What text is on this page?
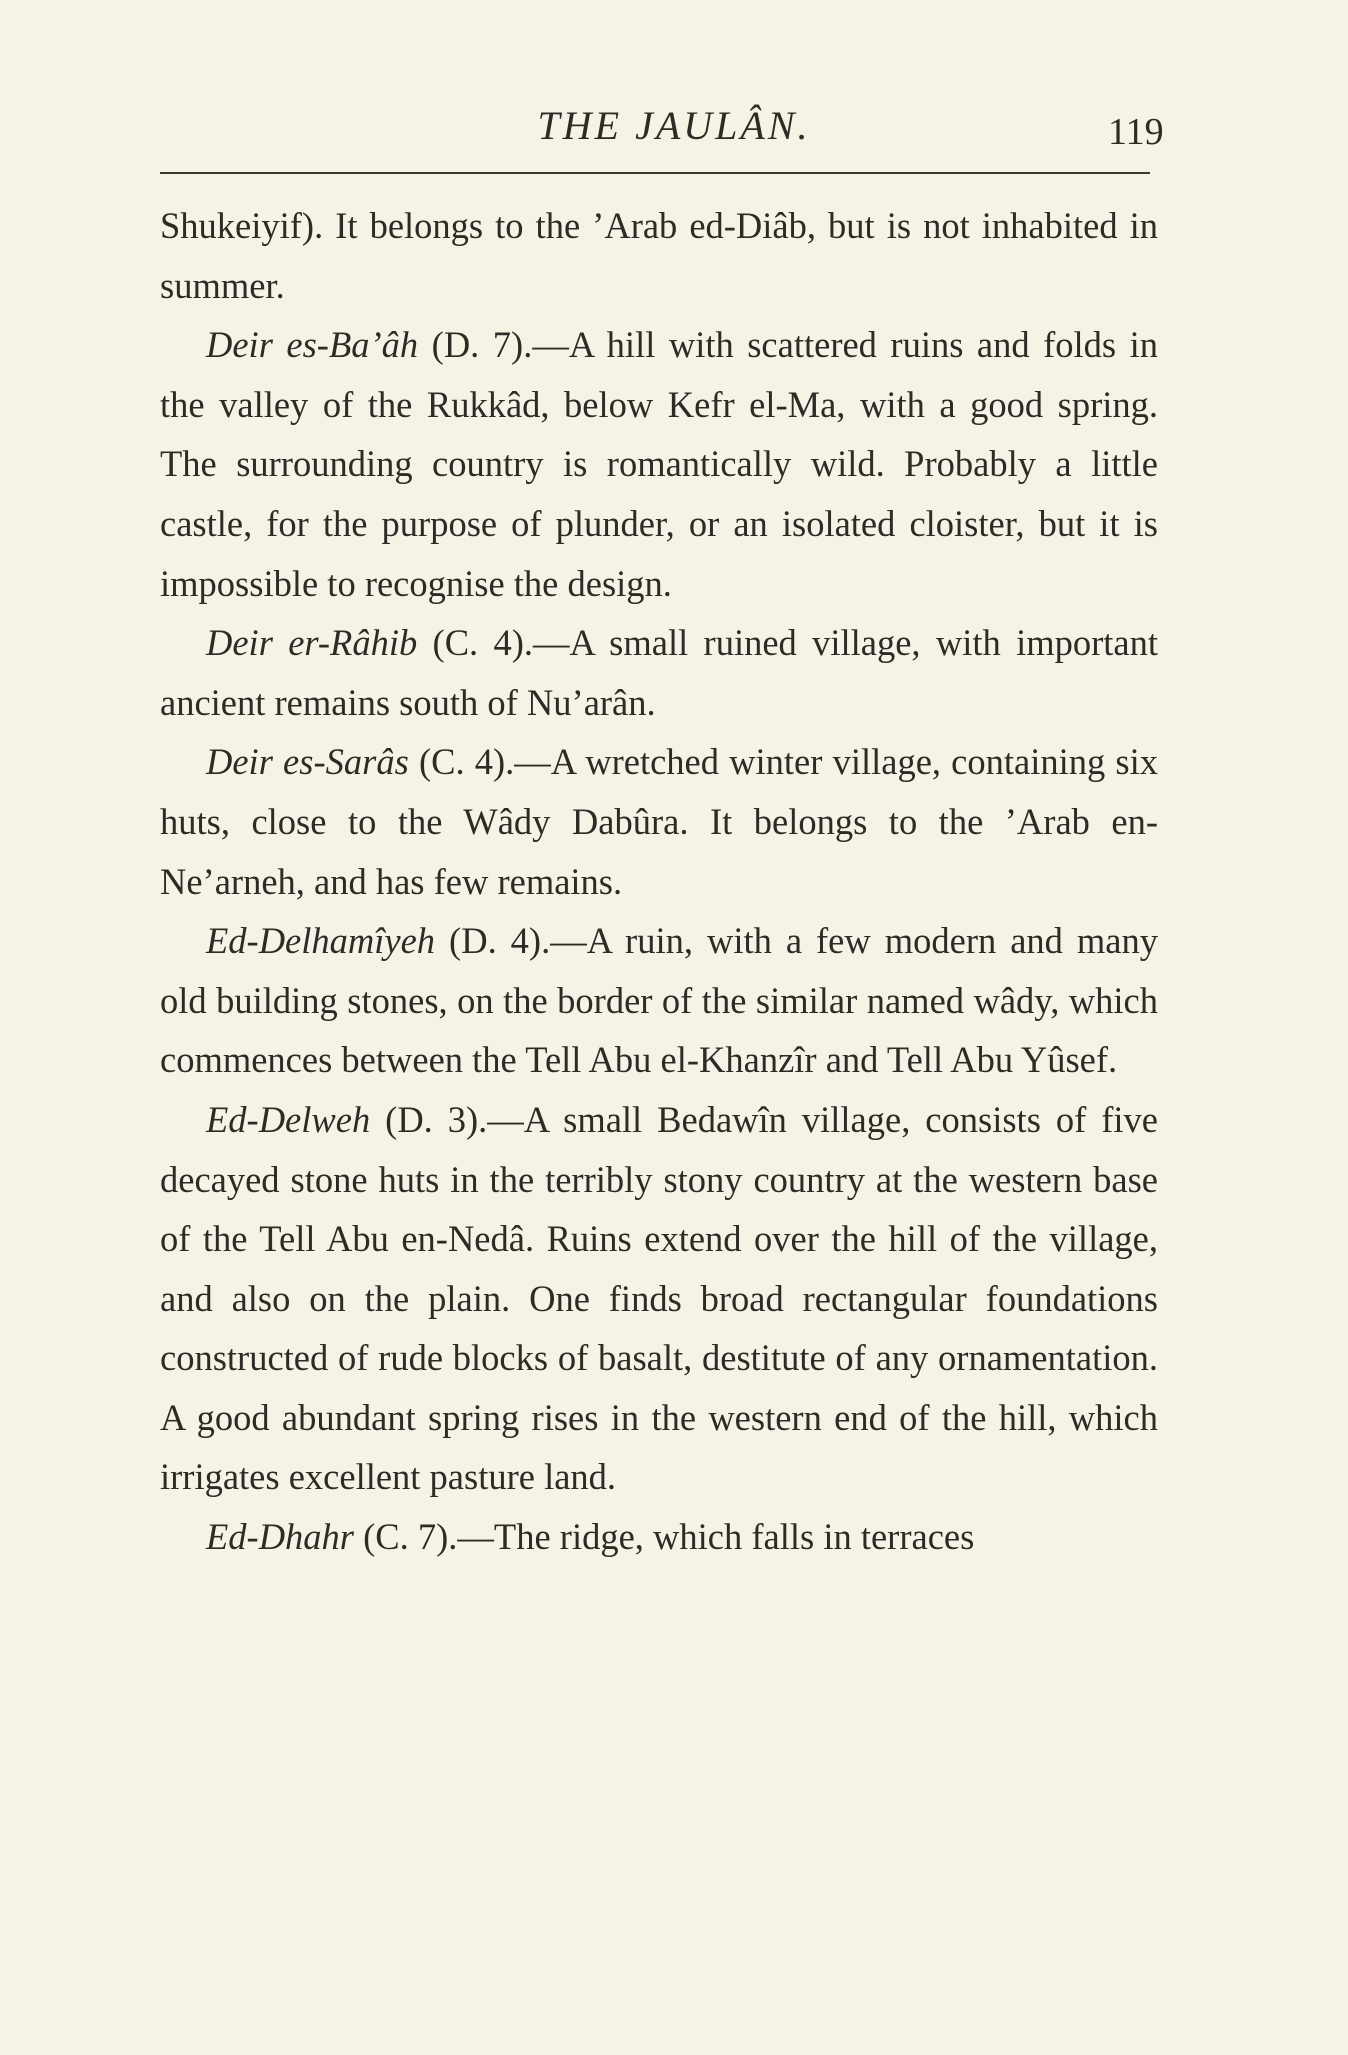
THE JAULÂN.	119

Shukeiyif). It belongs to the ’Arab ed-Diâb, but is not inhabited in summer.

Deir es-Ba’âh (D. 7).—A hill with scattered ruins and folds in the valley of the Rukkâd, below Kefr el-Ma, with a good spring. The surrounding country is romantically wild. Probably a little castle, for the purpose of plunder, or an isolated cloister, but it is impossible to recognise the design.

Deir er-Râhib (C. 4).—A small ruined village, with important ancient remains south of Nu’arân.

Deir es-Sarâs (C. 4).—A wretched winter village, containing six huts, close to the Wâdy Dabûra. It belongs to the ’Arab en-Ne’arneh, and has few remains.

Ed-Delhamîyeh (D. 4).—A ruin, with a few modern and many old building stones, on the border of the similar named wâdy, which commences between the Tell Abu el-Khanzîr and Tell Abu Yûsef.

Ed-Delweh (D. 3).—A small Bedawîn village, consists of five decayed stone huts in the terribly stony country at the western base of the Tell Abu en-Nedâ. Ruins extend over the hill of the village, and also on the plain. One finds broad rectangular foundations constructed of rude blocks of basalt, destitute of any ornamentation. A good abundant spring rises in the western end of the hill, which irrigates excellent pasture land.

Ed-Dhahr (C. 7).—The ridge, which falls in terraces
